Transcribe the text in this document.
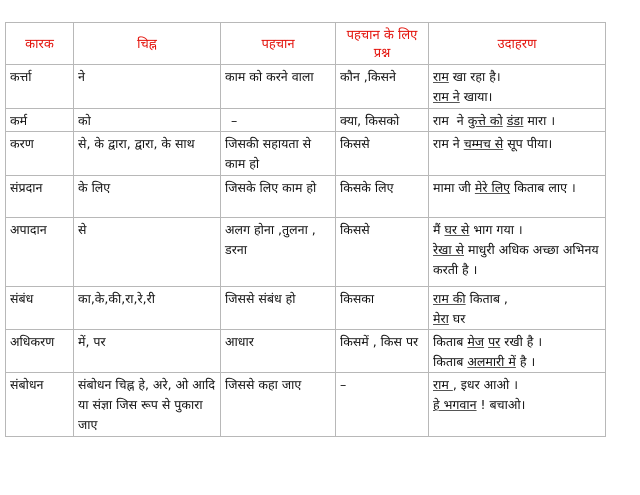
कारक	चिह्न	पहचान	पहचान के लिए प्रश्न	उदाहरण
कर्त्ता	ने	काम को करने वाला	कौन ,किसने	राम खा रहा है।
राम ने खाया।

कर्म	को	–	क्या, किसको	राम  ने कुत्ते को डंडा मारा ।

करण	से, के द्वारा, द्वारा, के साथ	जिसकी सहायता से काम हो	किससे	राम ने चम्मच से सूप पीया।

संप्रदान	के लिए	जिसके लिए काम हो	किसके लिए	मामा जी मेरे लिए किताब लाए ।
अपादान	से	अलग होना ,तुलना , डरना	किससे	मैं घर से भाग गया ।
रेखा से माधुरी अधिक अच्छा अभिनय करती है ।
संबंध	का,के,की,रा,रे,री	जिससे संबंध हो	किसका	राम की किताब ,
मेरा घर

अधिकरण	में, पर	आधार	किसमें , किस पर	किताब मेज पर रखी है ।
किताब अलमारी में है ।

संबोधन	संबोधन चिह्न हे, अरे, ओ आदि या संज्ञा जिस रूप से पुकारा जाए	जिससे कहा जाए	–	राम , इधर आओ ।
हे भगवान ! बचाओ।
